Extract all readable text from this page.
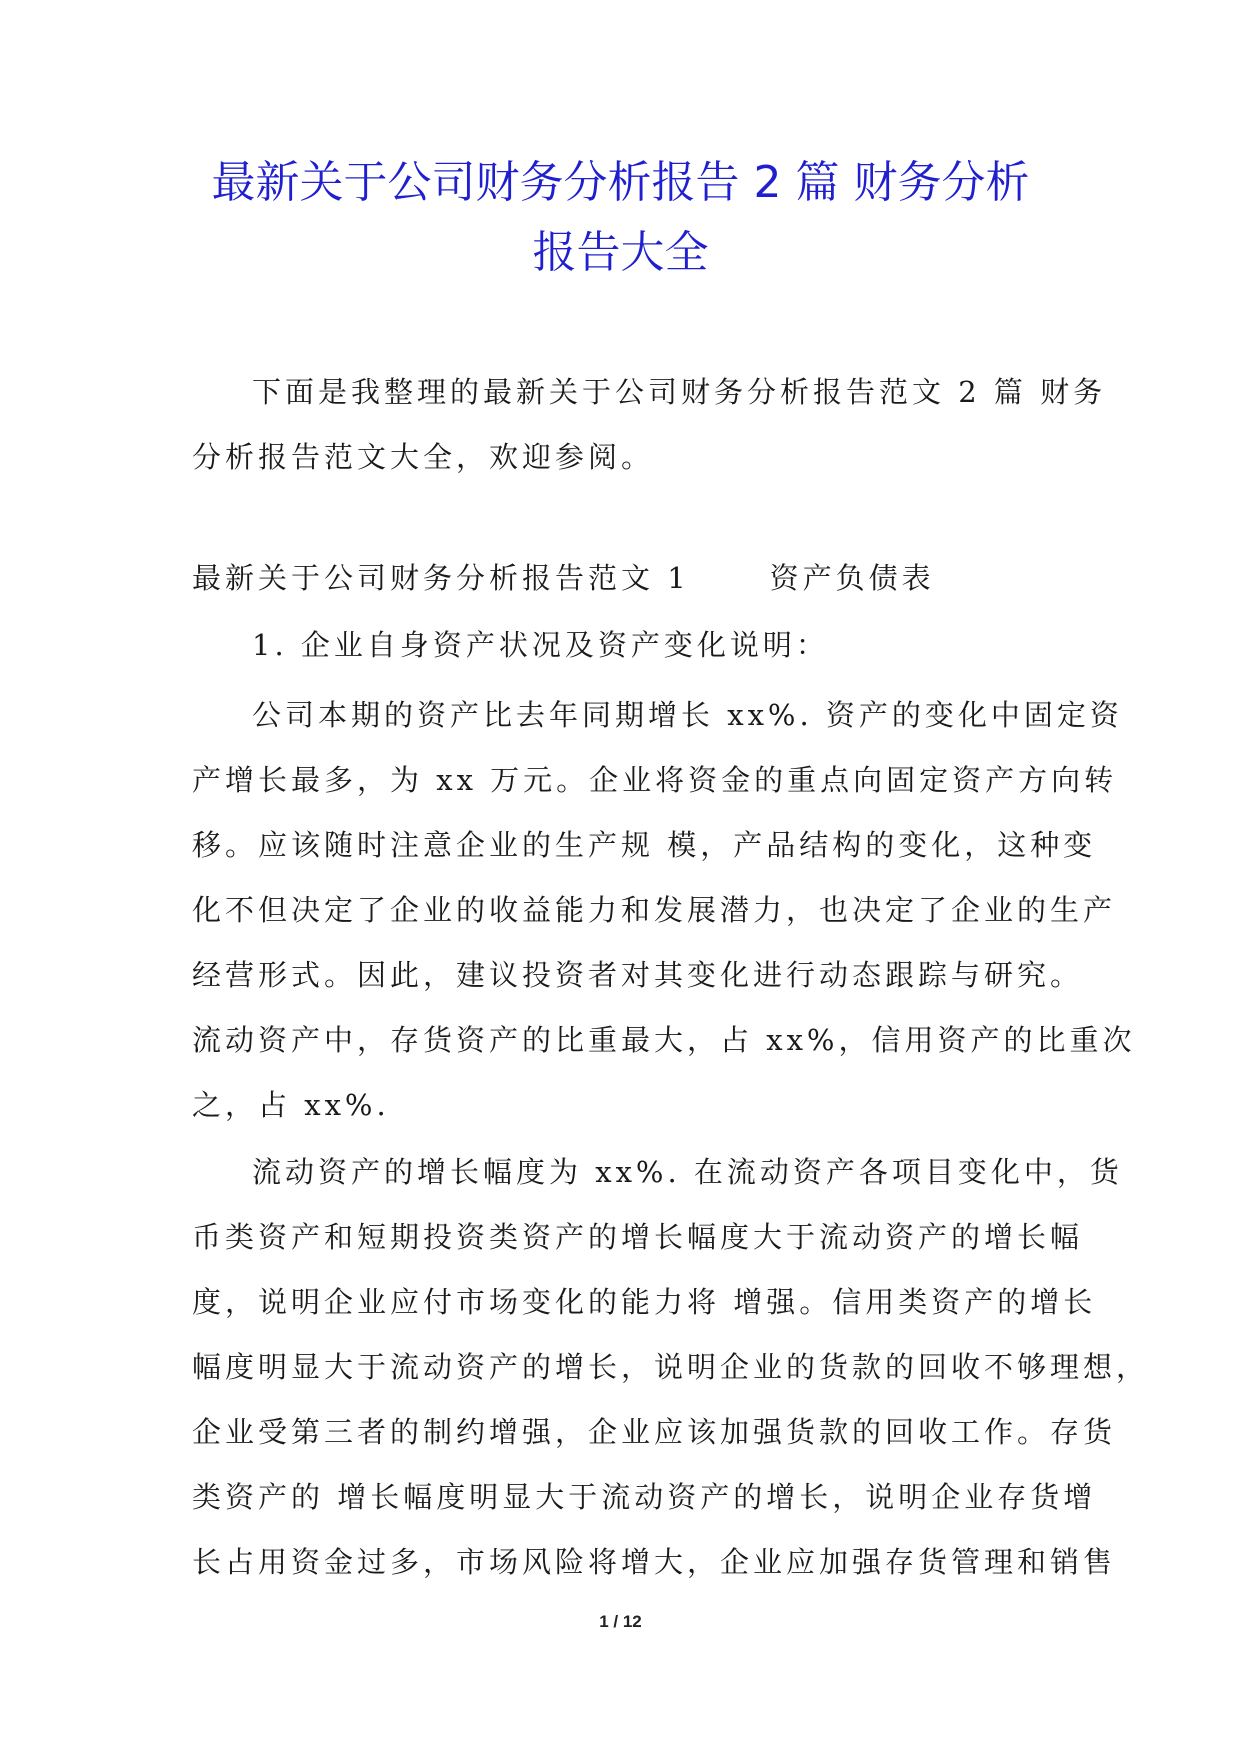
最新关于公司财务分析报告 2 篇 财务分析
报告大全
下面是我整理的最新关于公司财务分析报告范文 2 篇 财务
分析报告范文大全，欢迎参阅。
最新关于公司财务分析报告范文 1	资产负债表
1. 企业自身资产状况及资产变化说明：
公司本期的资产比去年同期增长 xx%. 资产的变化中固定资
产增长最多，为 xx 万元。企业将资金的重点向固定资产方向转
移。应该随时注意企业的生产规 模，产品结构的变化，这种变
化不但决定了企业的收益能力和发展潜力，也决定了企业的生产
经营形式。因此，建议投资者对其变化进行动态跟踪与研究。
流动资产中，存货资产的比重最大，占 xx%，信用资产的比重次
之，占 xx%.
流动资产的增长幅度为 xx%. 在流动资产各项目变化中，货
币类资产和短期投资类资产的增长幅度大于流动资产的增长幅
度，说明企业应付市场变化的能力将 增强。信用类资产的增长
幅度明显大于流动资产的增长，说明企业的货款的回收不够理想，
企业受第三者的制约增强，企业应该加强货款的回收工作。存货
类资产的 增长幅度明显大于流动资产的增长，说明企业存货增
长占用资金过多，市场风险将增大，企业应加强存货管理和销售
1 / 12
